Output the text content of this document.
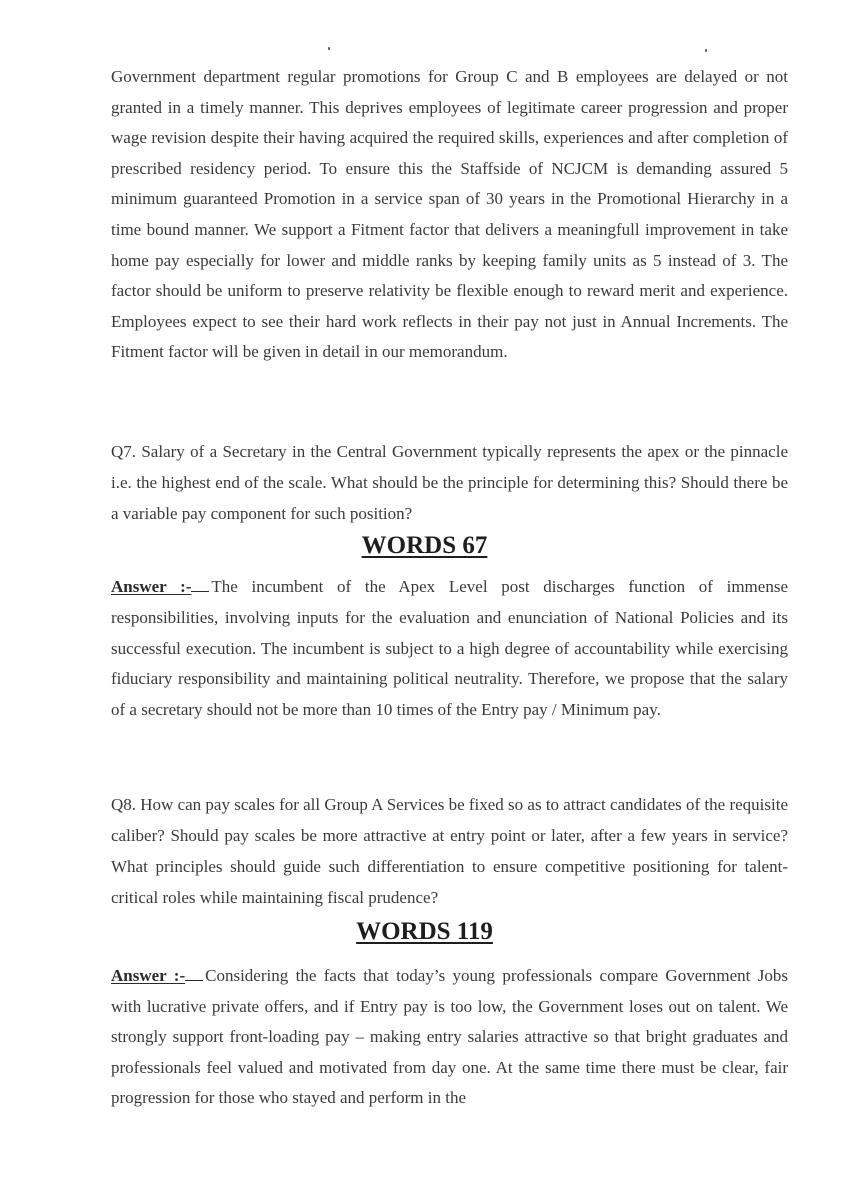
Government department regular promotions for Group C and B employees are delayed or not granted in a timely manner. This deprives employees of legitimate career progression and proper wage revision despite their having acquired the required skills, experiences and after completion of prescribed residency period. To ensure this the Staffside of NCJCM is demanding assured 5 minimum guaranteed Promotion in a service span of 30 years in the Promotional Hierarchy in a time bound manner. We support a Fitment factor that delivers a meaningfull improvement in take home pay especially for lower and middle ranks by keeping family units as 5 instead of 3. The factor should be uniform to preserve relativity be flexible enough to reward merit and experience. Employees expect to see their hard work reflects in their pay not just in Annual Increments. The Fitment factor will be given in detail in our memorandum.

Q7. Salary of a Secretary in the Central Government typically represents the apex or the pinnacle i.e. the highest end of the scale. What should be the principle for determining this? Should there be a variable pay component for such position?

WORDS 67

Answer :- The incumbent of the Apex Level post discharges function of immense responsibilities, involving inputs for the evaluation and enunciation of National Policies and its successful execution. The incumbent is subject to a high degree of accountability while exercising fiduciary responsibility and maintaining political neutrality. Therefore, we propose that the salary of a secretary should not be more than 10 times of the Entry pay / Minimum pay.

Q8. How can pay scales for all Group A Services be fixed so as to attract candidates of the requisite caliber? Should pay scales be more attractive at entry point or later, after a few years in service? What principles should guide such differentiation to ensure competitive positioning for talent-critical roles while maintaining fiscal prudence?

WORDS 119

Answer :- Considering the facts that today’s young professionals compare Government Jobs with lucrative private offers, and if Entry pay is too low, the Government loses out on talent. We strongly support front-loading pay – making entry salaries attractive so that bright graduates and professionals feel valued and motivated from day one. At the same time there must be clear, fair progression for those who stayed and perform in the
